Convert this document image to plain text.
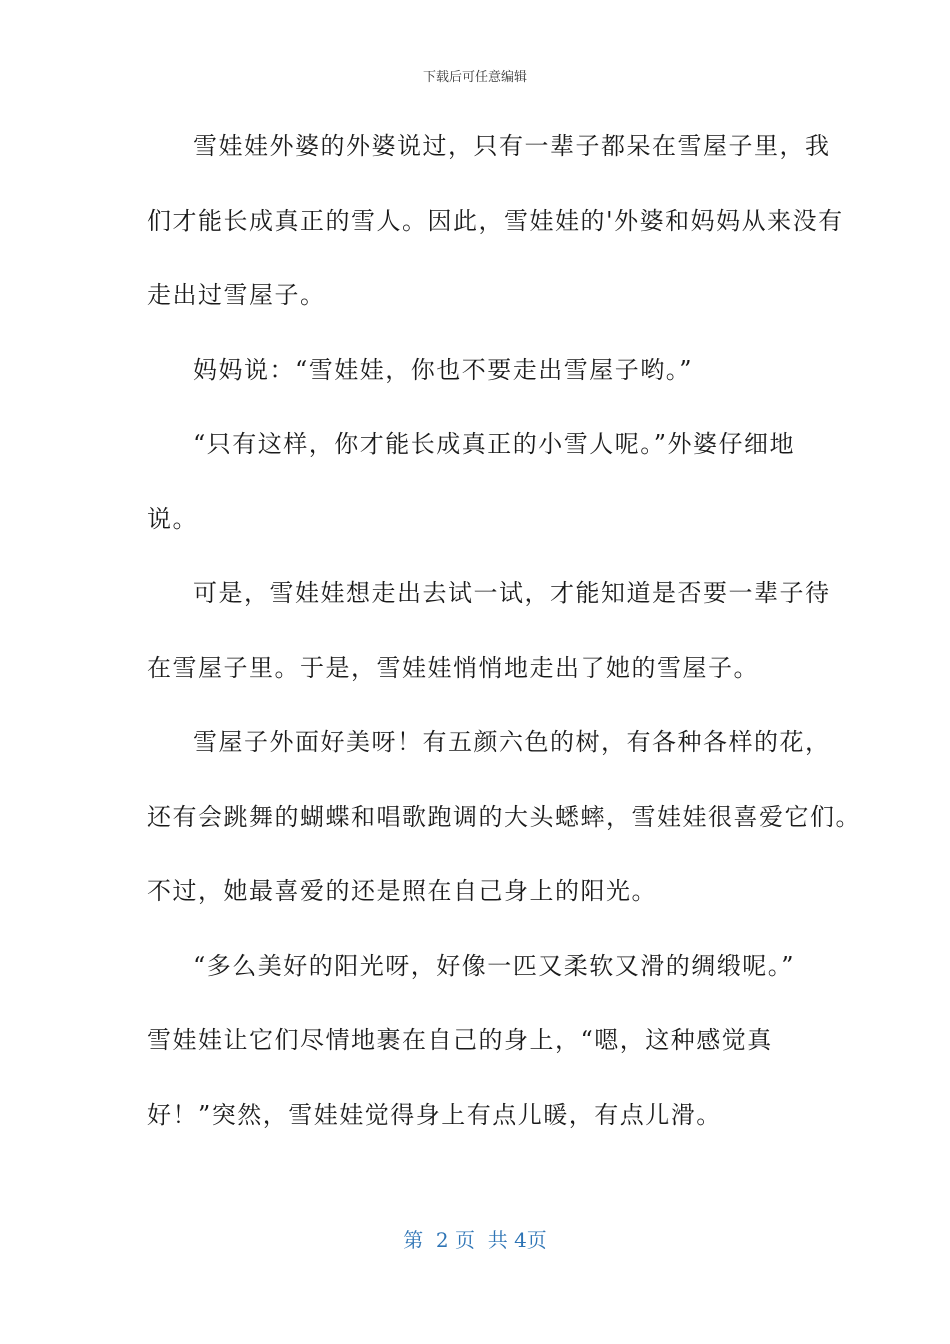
下载后可任意编辑
雪娃娃外婆的外婆说过，只有一辈子都呆在雪屋子里，我
们才能长成真正的雪人。因此，雪娃娃的'外婆和妈妈从来没有
走出过雪屋子。
妈妈说：“雪娃娃，你也不要走出雪屋子哟。”
“只有这样，你才能长成真正的小雪人呢。”外婆仔细地
说。
可是，雪娃娃想走出去试一试，才能知道是否要一辈子待
在雪屋子里。于是，雪娃娃悄悄地走出了她的雪屋子。
雪屋子外面好美呀！有五颜六色的树，有各种各样的花，
还有会跳舞的蝴蝶和唱歌跑调的大头蟋蟀，雪娃娃很喜爱它们。
不过，她最喜爱的还是照在自己身上的阳光。
“多么美好的阳光呀，好像一匹又柔软又滑的绸缎呢。”
雪娃娃让它们尽情地裹在自己的身上，“嗯，这种感觉真
好！”突然，雪娃娃觉得身上有点儿暖，有点儿滑。
第  2 页  共 4页
